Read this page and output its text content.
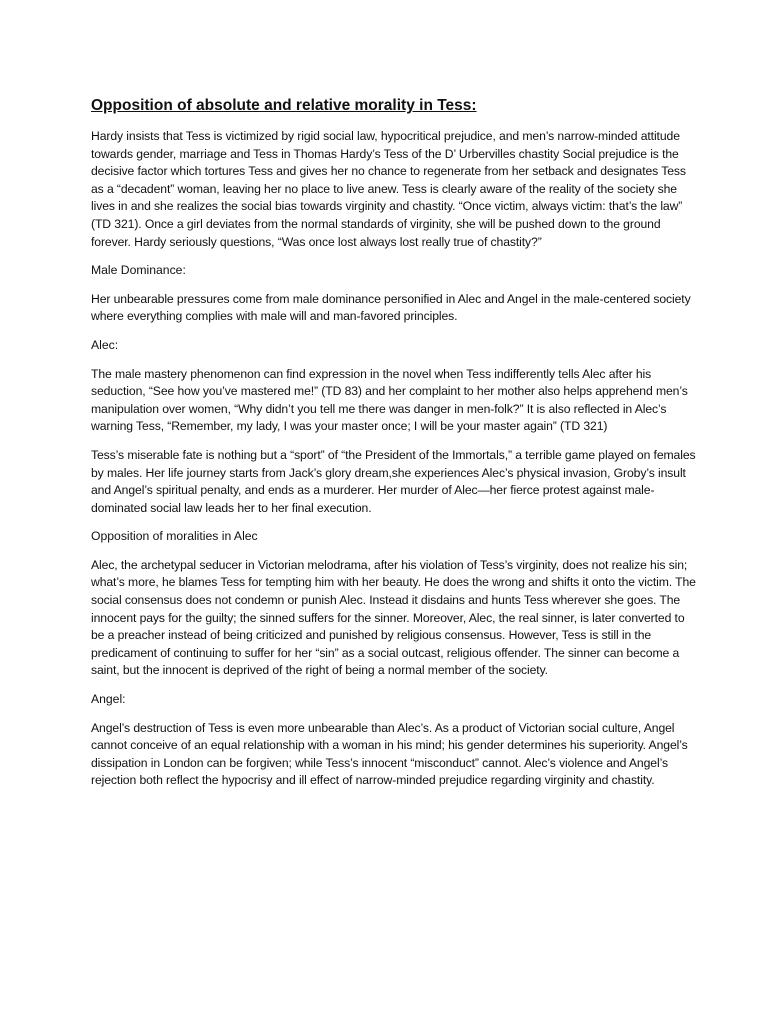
Opposition of absolute and relative morality in Tess:

Hardy insists that Tess is victimized by rigid social law, hypocritical prejudice, and men’s narrow-minded attitude towards gender, marriage and Tess in Thomas Hardy’s Tess of the D’ Urbervilles chastity Social prejudice is the decisive factor which tortures Tess and gives her no chance to regenerate from her setback and designates Tess as a “decadent” woman, leaving her no place to live anew. Tess is clearly aware of the reality of the society she lives in and she realizes the social bias towards virginity and chastity. “Once victim, always victim: that’s the law” (TD 321). Once a girl deviates from the normal standards of virginity, she will be pushed down to the ground forever. Hardy seriously questions, “Was once lost always lost really true of chastity?”

Male Dominance:

Her unbearable pressures come from male dominance personified in Alec and Angel in the male-centered society where everything complies with male will and man-favored principles.

Alec:

The male mastery phenomenon can find expression in the novel when Tess indifferently tells Alec after his seduction, “See how you’ve mastered me!” (TD 83) and her complaint to her mother also helps apprehend men’s manipulation over women, “Why didn’t you tell me there was danger in men-folk?” It is also reflected in Alec’s warning Tess, “Remember, my lady, I was your master once; I will be your master again” (TD 321)

Tess’s miserable fate is nothing but a “sport” of “the President of the Immortals,” a terrible game played on females by males. Her life journey starts from Jack’s glory dream,she experiences Alec’s physical invasion, Groby’s insult and Angel’s spiritual penalty, and ends as a murderer. Her murder of Alec—her fierce protest against male-dominated social law leads her to her final execution.

Opposition of moralities in Alec

Alec, the archetypal seducer in Victorian melodrama, after his violation of Tess’s virginity, does not realize his sin; what’s more, he blames Tess for tempting him with her beauty. He does the wrong and shifts it onto the victim. The social consensus does not condemn or punish Alec. Instead it disdains and hunts Tess wherever she goes. The innocent pays for the guilty; the sinned suffers for the sinner. Moreover, Alec, the real sinner, is later converted to be a preacher instead of being criticized and punished by religious consensus. However, Tess is still in the predicament of continuing to suffer for her “sin” as a social outcast, religious offender. The sinner can become a saint, but the innocent is deprived of the right of being a normal member of the society.

Angel:

Angel’s destruction of Tess is even more unbearable than Alec’s. As a product of Victorian social culture, Angel cannot conceive of an equal relationship with a woman in his mind; his gender determines his superiority. Angel’s dissipation in London can be forgiven; while Tess’s innocent “misconduct” cannot. Alec’s violence and Angel’s rejection both reflect the hypocrisy and ill effect of narrow-minded prejudice regarding virginity and chastity.
